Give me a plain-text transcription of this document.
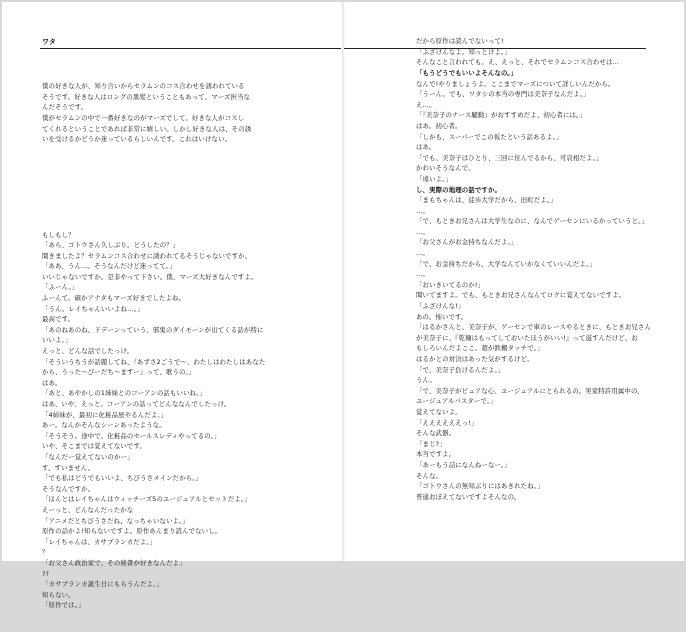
ワタ

僕の好きな人が、知り合いからセラムンのコス合わせを誘われている
そうです。好きな人はロングの黒髪ということもあって、マーズ担当な
んだそうです。
僕がセラムンの中で一番好きなのがマーズでして。好きな人がコスし
てくれるということであれば非常に嬉しい。しかし好きな人は、その誘
いを受けるかどうか迷っているらしいんです。これはいけない。

もしもし？
「あら、ゴトウさん久しぶり。どうしたの？」
聞きましたよ？セラムンコス合わせに誘われてるそうじゃないですか。
「ああ、うん…。そうなんだけど迷ってて。」
いいじゃないですか。是非やって下さい。僕、マーズ大好きなんですよ。
「ふーん。」
ふーんて。確かアナタもマーズ好きでしたよね。
「うん。レイちゃんいいよね…。」
最高です。
「あのねあのね、ドデーンっていう、邪鬼のダイモーンが出てくる話が特に
いいよ。」
えっと、どんな話でしたっけ。
「そういうちうが話題してね、『あずさ2ごうで～、わたしはわたしはあなた
から、うった～びーだち～ますー』って、歌うの。」
はあ。
「あと、あやかしの1姉妹とのコーアンの話もいいね。」
はあ、いや、えっと。コーアンの話ってどんななんでしたっけ。
「4姉妹が、最初に化粧品屋やるんだよ。」
あー。なんかそんなシーンあったような。
「そうそう。途中で、化粧品のセールスレディやってるの。」
いや、そこまでは覚えてないです。
「なんだー覚えてないのかー」
す、すいません。
「でも私はどうでもいいよ、ちびうさメインだから。」
そうなんですか。
「ほんとはレイちゃんはウィッチーズ5のユージュアルとセットだよ。」
えーっと、どんなんだったかな
「アニメだとちびうさだね、なっちゃいないよ。」
原作の話かよ!知らないですよ。原作あんまり読んでないし。
「レイちゃんは、カサブランカだよ。」
？
「お父さん政治家で、その秘書が好きなんだよ」
??
「カサブランカ誕生日にもらうんだよ。」
知らない。
「原作では。」

だから原作は読んでないって!
「ふざけんなよ。知っとけよ。」
そんなこと言われても。え、えっと、それでセラムンコス合わせは…
「もうどうでもいいよそんなの。」
なんで!やりましょうよ。ここまでマーズについて詳しいんだから。
「うーん。でも、ワタシの本当の専門は美奈子なんだよ。」
え…。
「『美奈子のナース騒動』がおすすめだよ、初心者には。」
はあ。初心者。
「しかも、スーパーでこの仮たという話あるよ。」
はあ。
「でも、美奈子はひとり、三回に住んでるから、可哀相だよ。」
かわいそうなんで。
「遠いよ。」
し、実際の地理の話ですか。
「まもちゃんは、徒歩大学だから、田町だよ。」
…。
「で、もときお兄さんは大学生なのに、なんでゲーセンにいるかっていうと。」
…。
「お父さんがお金持ちなんだよ。」
…。
「で、お金持ちだから、大学なんていかなくていいんだよ。」
…。
「おいきいてるのか!」
聞いてますよ。でも、もときお兄さんなんてロクに覚えてないですよ。
「ふざけんな!」
あの。怖いです。
「はるかさんと、美奈子が、ゲーセンで車のレースやるときに、もときお兄さん
が美奈子に、『乾麺はもってしておいたほうがいい!』って滋すんだけど、お
もしろいんだよここ。超が鉄棚タッチで。」
はるかとの対決はあった気がするけど。
「で、美奈子負けるんだよ。」
うん。
「で、美奈子がピュアな心、ユージュアルにとられるの。実家特許用属中の、
ユージュアルバスターで。」
覚えてないよ。
「ええええええっ!」
そんな武器。
「まじ?」
本当ですよ。
「あーもう詰になんねーなー。」
そんな。
「ゴトウさんの無知ぶりにはあきれたね。」
普通おぼえてないですよそんなの。
